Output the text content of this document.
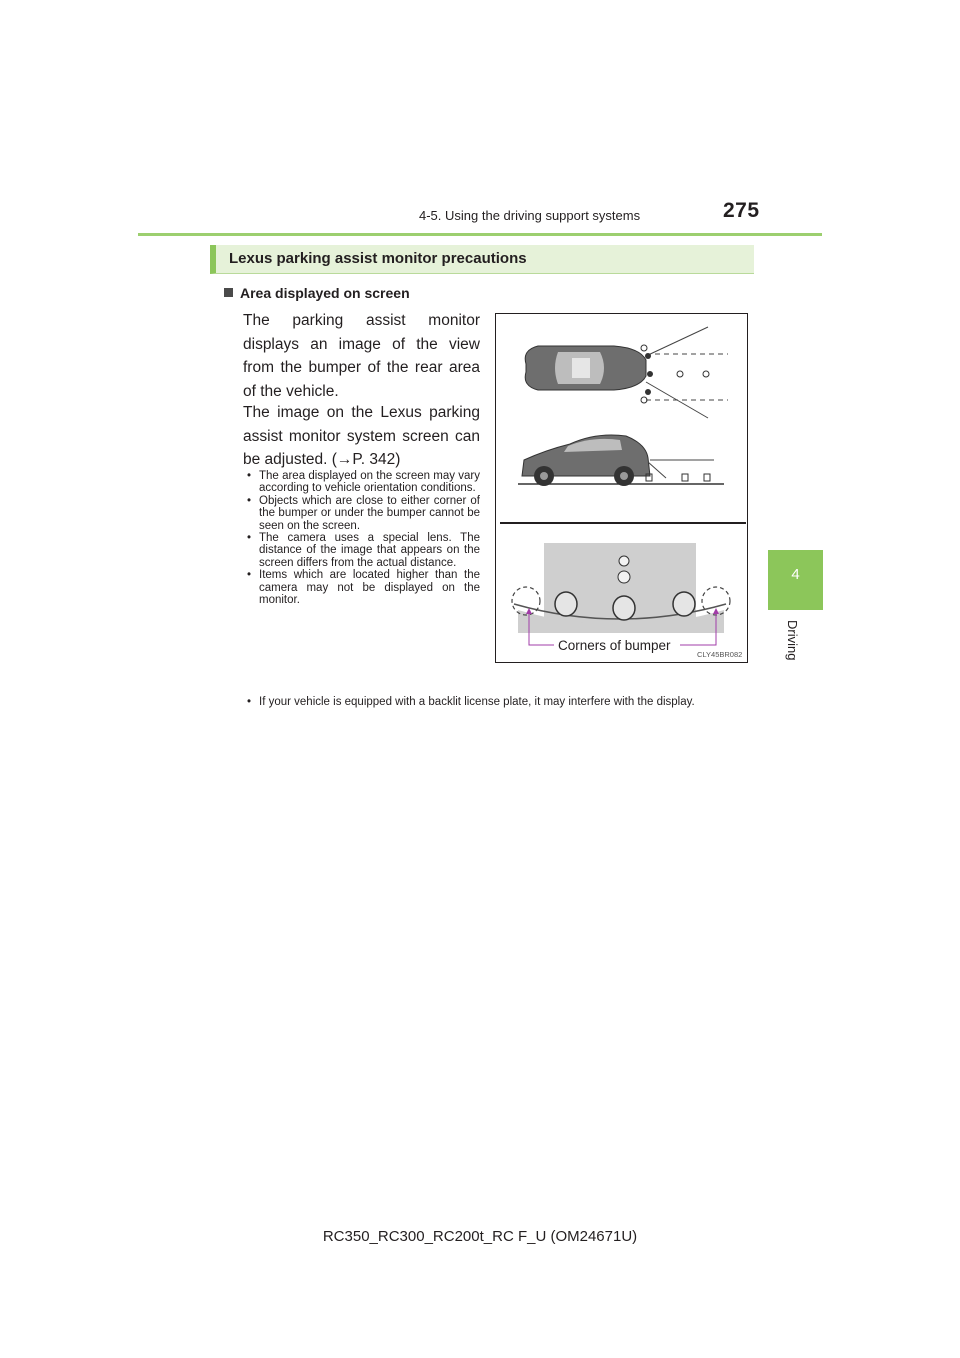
4-5. Using the driving support systems	275
4
Driving
Lexus parking assist monitor precautions
Area displayed on screen
The parking assist monitor displays an image of the view from the bumper of the rear area of the vehicle.
The image on the Lexus parking assist monitor system screen can be adjusted. (→P. 342)
• The area displayed on the screen may vary according to vehicle orientation conditions.
• Objects which are close to either corner of the bumper or under the bumper cannot be seen on the screen.
• The camera uses a special lens. The distance of the image that appears on the screen differs from the actual distance.
• Items which are located higher than the camera may not be displayed on the monitor.
• If your vehicle is equipped with a backlit license plate, it may interfere with the display.
Corners of bumper
CLY45BR082
RC350_RC300_RC200t_RC F_U (OM24671U)
